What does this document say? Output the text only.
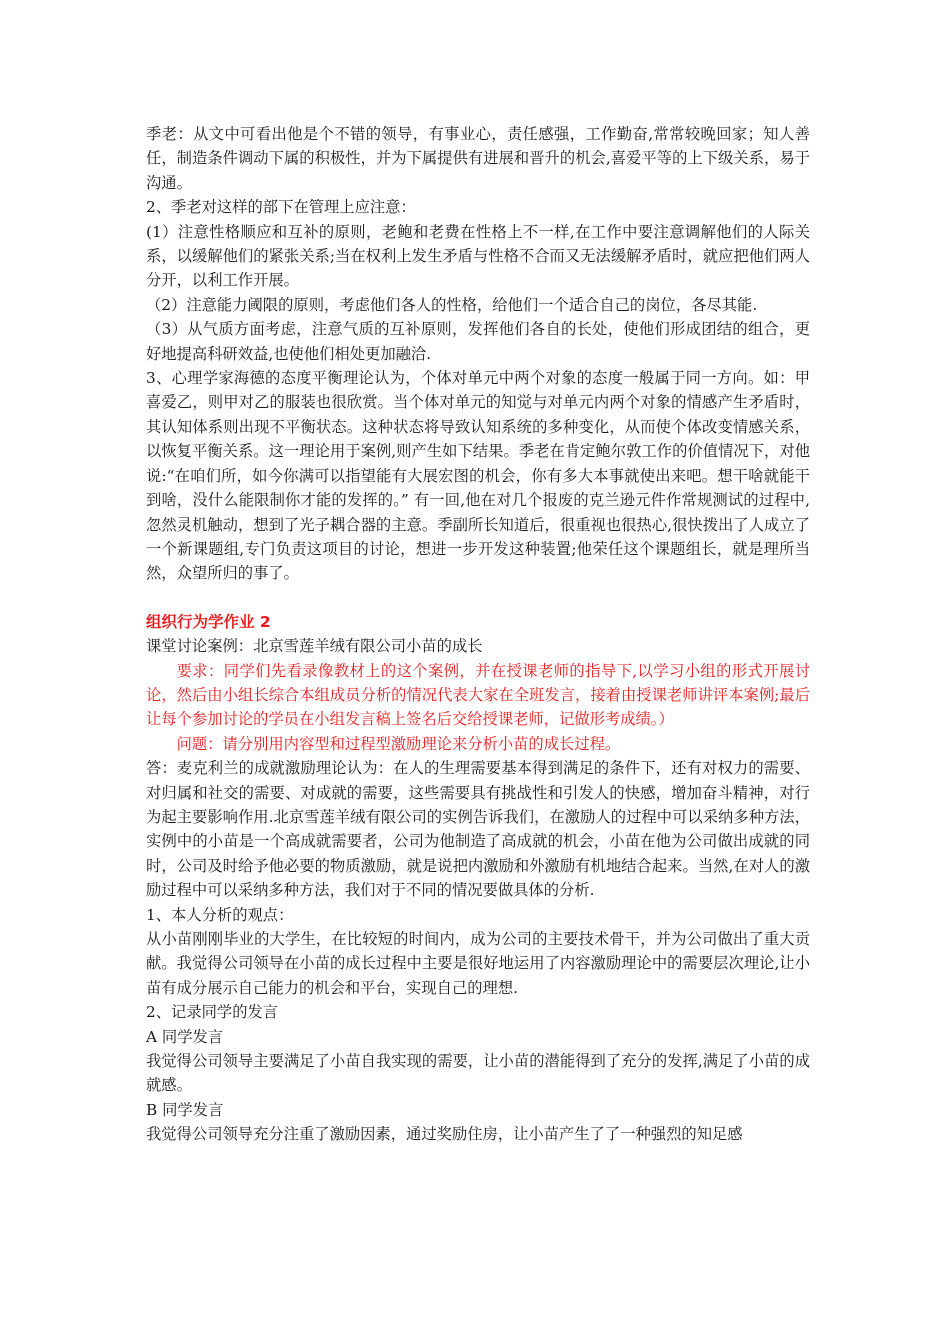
季老：从文中可看出他是个不错的领导，有事业心，责任感强，工作勤奋,常常较晚回家；知人善任，制造条件调动下属的积极性，并为下属提供有进展和晋升的机会,喜爱平等的上下级关系，易于沟通。

2、季老对这样的部下在管理上应注意：

(1）注意性格顺应和互补的原则，老鲍和老费在性格上不一样,在工作中要注意调解他们的人际关系，以缓解他们的紧张关系;当在权利上发生矛盾与性格不合而又无法缓解矛盾时，就应把他们两人分开，以利工作开展。

（2）注意能力阈限的原则，考虑他们各人的性格，给他们一个适合自己的岗位，各尽其能.

（3）从气质方面考虑，注意气质的互补原则，发挥他们各自的长处，使他们形成团结的组合，更好地提高科研效益,也使他们相处更加融洽.

3、心理学家海德的态度平衡理论认为，个体对单元中两个对象的态度一般属于同一方向。如：甲喜爱乙，则甲对乙的服装也很欣赏。当个体对单元的知觉与对单元内两个对象的情感产生矛盾时，其认知体系则出现不平衡状态。这种状态将导致认知系统的多种变化，从而使个体改变情感关系，以恢复平衡关系。这一理论用于案例,则产生如下结果。季老在肯定鲍尔敦工作的价值情况下，对他说:“在咱们所，如今你满可以指望能有大展宏图的机会，你有多大本事就使出来吧。想干啥就能干到啥，没什么能限制你才能的发挥的。” 有一回,他在对几个报废的克兰逊元件作常规测试的过程中,忽然灵机触动，想到了光子耦合器的主意。季副所长知道后，很重视也很热心,很快拨出了人成立了一个新课题组,专门负责这项目的讨论，想进一步开发这种装置;他荣任这个课题组长，就是理所当然，众望所归的事了。

组织行为学作业 2

课堂讨论案例：北京雪莲羊绒有限公司小苗的成长

要求：同学们先看录像教材上的这个案例，并在授课老师的指导下,以学习小组的形式开展讨论，然后由小组长综合本组成员分析的情况代表大家在全班发言，接着由授课老师讲评本案例;最后让每个参加讨论的学员在小组发言稿上签名后交给授课老师，记做形考成绩。）

问题：请分别用内容型和过程型激励理论来分析小苗的成长过程。

答：麦克利兰的成就激励理论认为：在人的生理需要基本得到满足的条件下，还有对权力的需要、对归属和社交的需要、对成就的需要，这些需要具有挑战性和引发人的快感，增加奋斗精神，对行为起主要影响作用.北京雪莲羊绒有限公司的实例告诉我们，在激励人的过程中可以采纳多种方法，实例中的小苗是一个高成就需要者，公司为他制造了高成就的机会，小苗在他为公司做出成就的同时，公司及时给予他必要的物质激励，就是说把内激励和外激励有机地结合起来。当然,在对人的激励过程中可以采纳多种方法，我们对于不同的情况要做具体的分析.

1、本人分析的观点：

从小苗刚刚毕业的大学生，在比较短的时间内，成为公司的主要技术骨干，并为公司做出了重大贡献。我觉得公司领导在小苗的成长过程中主要是很好地运用了内容激励理论中的需要层次理论,让小苗有成分展示自己能力的机会和平台，实现自己的理想.

2、记录同学的发言

A 同学发言

我觉得公司领导主要满足了小苗自我实现的需要，让小苗的潜能得到了充分的发挥,满足了小苗的成就感。

B 同学发言

我觉得公司领导充分注重了激励因素，通过奖励住房，让小苗产生了了一种强烈的知足感
